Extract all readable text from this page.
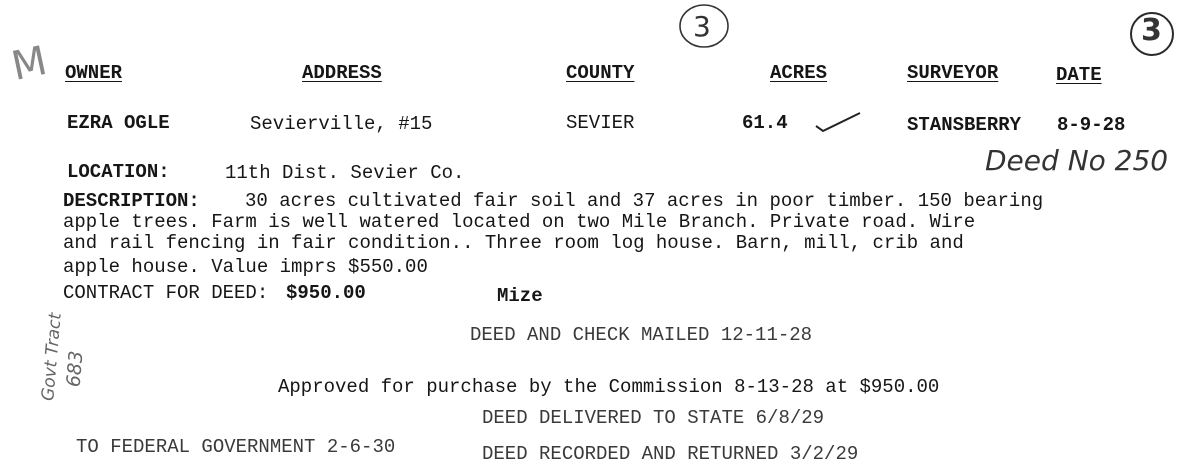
3	3
M OWNER	ADDRESS	COUNTY	ACRES	SURVEYOR	DATE
EZRA OGLE	Sevierville, #15	SEVIER	61.4	STANSBERRY 8-9-28
Deed No 250
LOCATION:	11th Dist. Sevier Co.
DESCRIPTION: 30 acres cultivated fair soil and 37 acres in poor timber. 150 bearing
apple trees. Farm is well watered located on two Mile Branch. Private road. Wire
and rail fencing in fair condition.. Three room log house. Barn, mill, crib and
apple house. Value imprs $550.00
CONTRACT FOR DEED: $950.00	Mize
DEED AND CHECK MAILED 12-11-28
Govt Tract
683	Approved for purchase by the Commission 8-13-28 at $950.00
DEED DELIVERED TO STATE 6/8/29
TO FEDERAL GOVERNMENT 2-6-30	DEED RECORDED AND RETURNED 3/2/29
